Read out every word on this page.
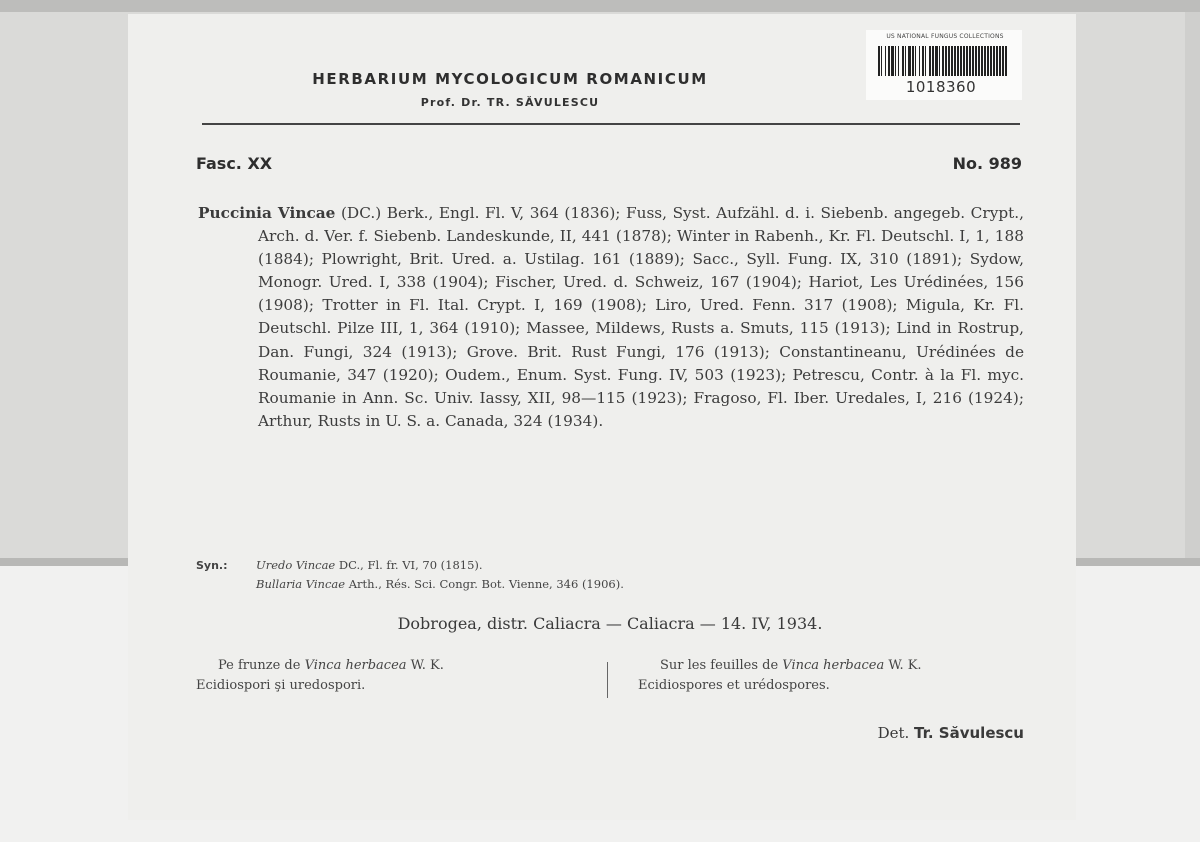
HERBARIUM MYCOLOGICUM ROMANICUM
Prof. Dr. TR. SĂVULESCU
US NATIONAL FUNGUS COLLECTIONS
1018360
Fasc. XX	No. 989
Puccinia Vincae (DC.) Berk., Engl. Fl. V, 364 (1836); Fuss, Syst. Aufzähl. d. i. Siebenb. angegeb. Crypt., Arch. d. Ver. f. Siebenb. Landeskunde, II, 441 (1878); Winter in Rabenh., Kr. Fl. Deutschl. I, 1, 188 (1884); Plowright, Brit. Ured. a. Ustilag. 161 (1889); Sacc., Syll. Fung. IX, 310 (1891); Sydow, Monogr. Ured. I, 338 (1904); Fischer, Ured. d. Schweiz, 167 (1904); Hariot, Les Urédinées, 156 (1908); Trotter in Fl. Ital. Crypt. I, 169 (1908); Liro, Ured. Fenn. 317 (1908); Migula, Kr. Fl. Deutschl. Pilze III, 1, 364 (1910); Massee, Mildews, Rusts a. Smuts, 115 (1913); Lind in Rostrup, Dan. Fungi, 324 (1913); Grove. Brit. Rust Fungi, 176 (1913); Constantineanu, Urédinées de Roumanie, 347 (1920); Oudem., Enum. Syst. Fung. IV, 503 (1923); Petrescu, Contr. à la Fl. myc. Roumanie in Ann. Sc. Univ. Iassy, XII, 98—115 (1923); Fragoso, Fl. Iber. Uredales, I, 216 (1924); Arthur, Rusts in U. S. a. Canada, 324 (1934).
Syn.: Uredo Vincae DC., Fl. fr. VI, 70 (1815).
Bullaria Vincae Arth., Rés. Sci. Congr. Bot. Vienne, 346 (1906).
Dobrogea, distr. Caliacra — Caliacra — 14. IV, 1934.
Pe frunze de Vinca herbacea W. K.
Ecidiospori şi uredospori.
Sur les feuilles de Vinca herbacea W. K.
Ecidiospores et urédospores.
Det. Tr. Săvulescu
